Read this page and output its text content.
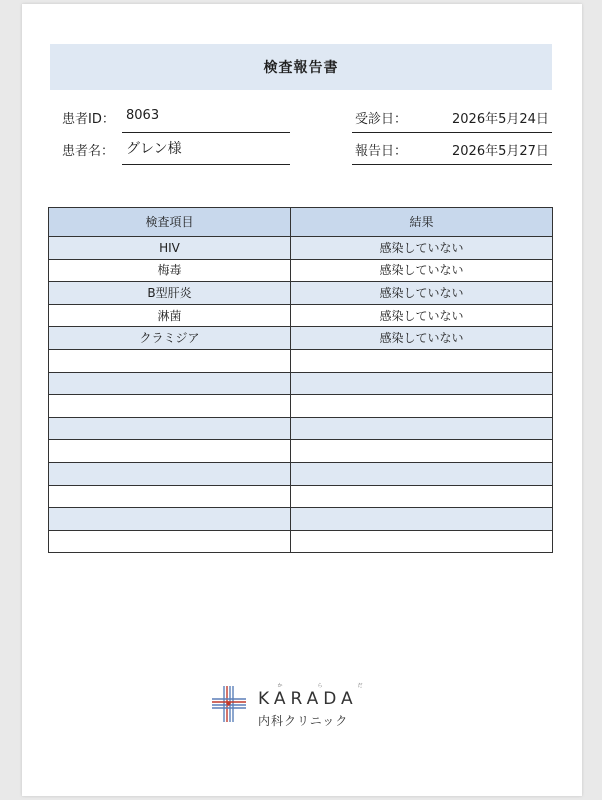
検査報告書
患者ID： 8063
患者名： グレン様
受診日：	2026年5月24日
報告日：	2026年5月27日
検査項目	結果
HIV	感染していない
梅毒	感染していない
B型肝炎	感染していない
淋菌	感染していない
クラミジア	感染していない

か	ら	だ
KARADA
内科クリニック
